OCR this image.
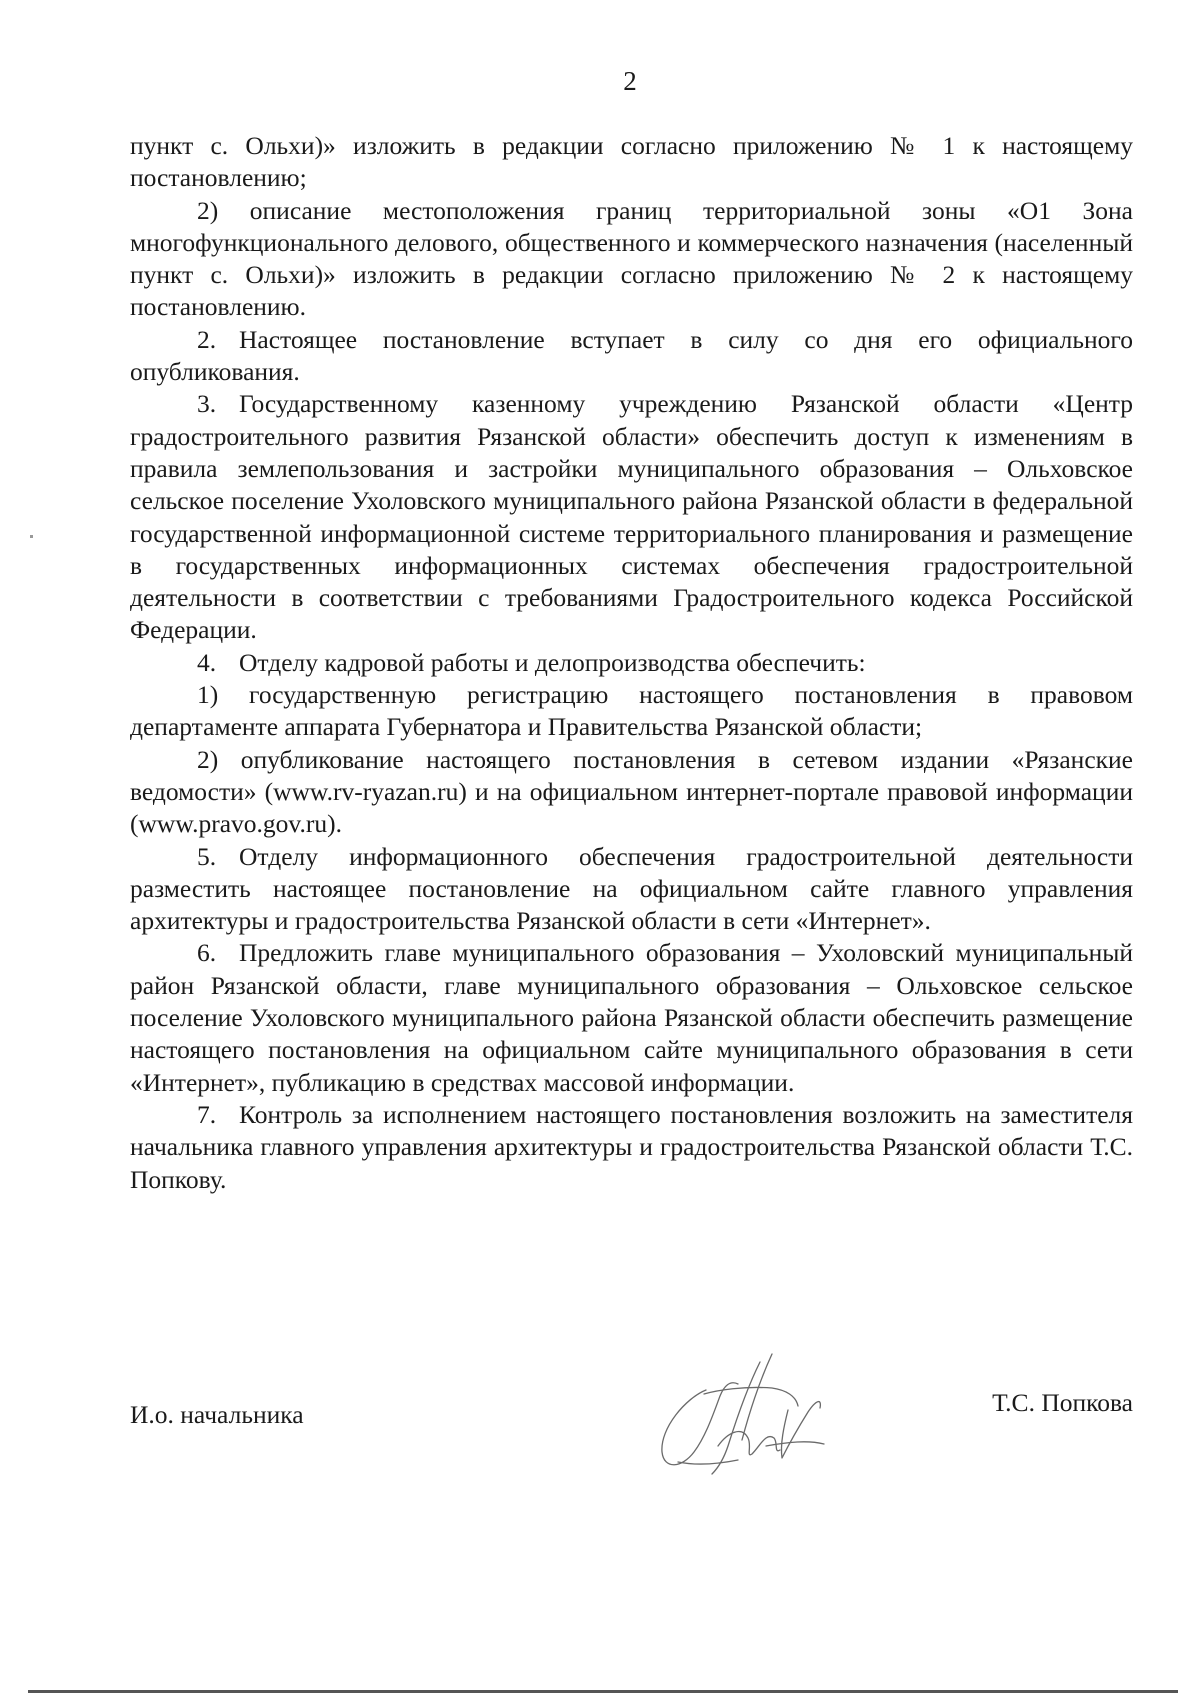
2

пункт с. Ольхи)» изложить в редакции согласно приложению № 1 к настоящему постановлению;

2) описание местоположения границ территориальной зоны «О1 Зона многофункционального делового, общественного и коммерческого назначения (населенный пункт с. Ольхи)» изложить в редакции согласно приложению № 2 к настоящему постановлению.

2. Настоящее постановление вступает в силу со дня его официального опубликования.

3. Государственному казенному учреждению Рязанской области «Центр градостроительного развития Рязанской области» обеспечить доступ к изменениям в правила землепользования и застройки муниципального образования – Ольховское сельское поселение Ухоловского муниципального района Рязанской области в федеральной государственной информационной системе территориального планирования и размещение в государственных информационных системах обеспечения градостроительной деятельности в соответствии с требованиями Градостроительного кодекса Российской Федерации.

4. Отделу кадровой работы и делопроизводства обеспечить:

1) государственную регистрацию настоящего постановления в правовом департаменте аппарата Губернатора и Правительства Рязанской области;

2) опубликование настоящего постановления в сетевом издании «Рязанские ведомости» (www.rv-ryazan.ru) и на официальном интернет-портале правовой информации (www.pravo.gov.ru).

5. Отделу информационного обеспечения градостроительной деятельности разместить настоящее постановление на официальном сайте главного управления архитектуры и градостроительства Рязанской области в сети «Интернет».

6. Предложить главе муниципального образования – Ухоловский муниципальный район Рязанской области, главе муниципального образования – Ольховское сельское поселение Ухоловского муниципального района Рязанской области обеспечить размещение настоящего постановления на официальном сайте муниципального образования в сети «Интернет», публикацию в средствах массовой информации.

7. Контроль за исполнением настоящего постановления возложить на заместителя начальника главного управления архитектуры и градостроительства Рязанской области Т.С. Попкову.

И.о. начальника	Т.С. Попкова
